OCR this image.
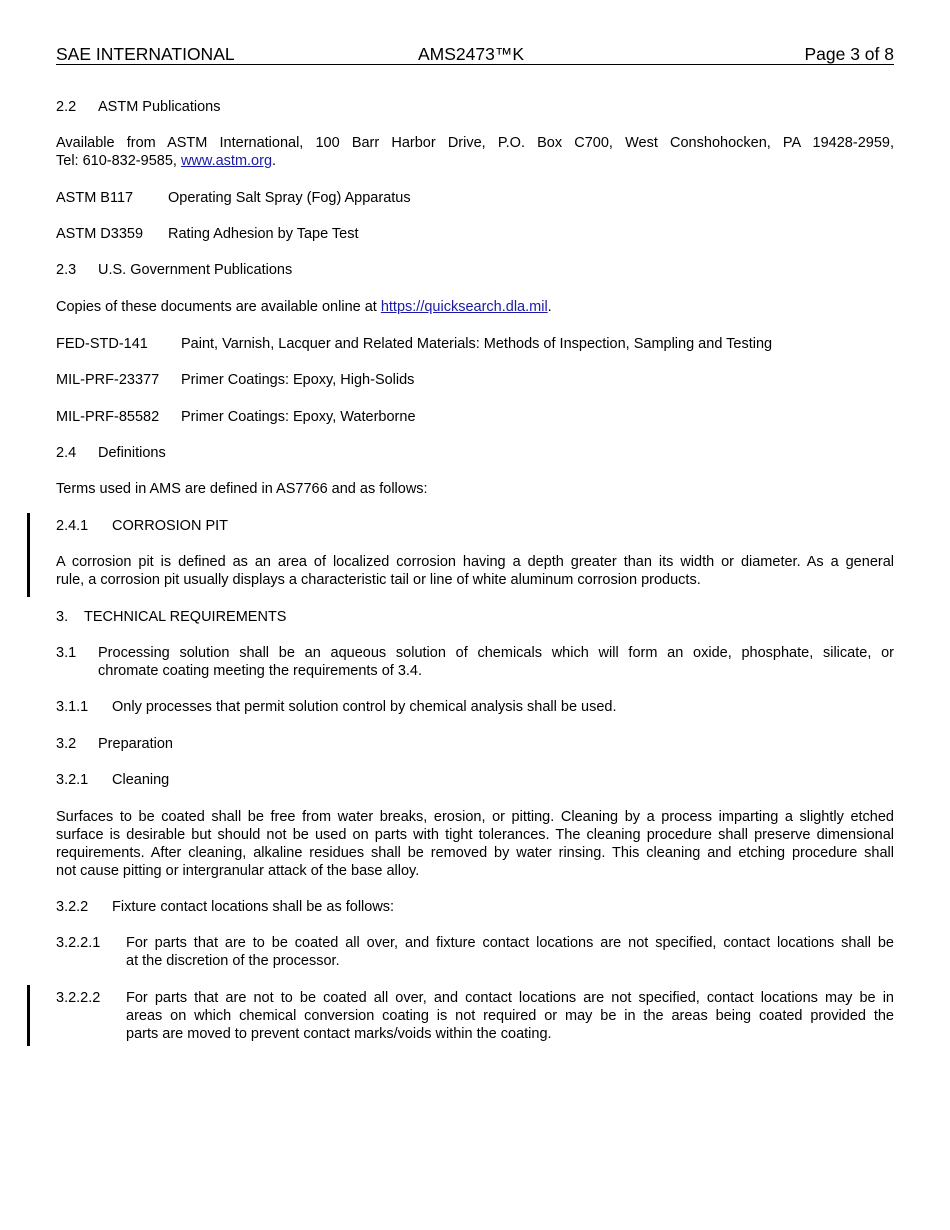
SAE INTERNATIONAL	AMS2473™K	Page 3 of 8
2.2 ASTM Publications
Available from ASTM International, 100 Barr Harbor Drive, P.O. Box C700, West Conshohocken, PA 19428-2959,
Tel: 610-832-9585, www.astm.org.
ASTM B117 Operating Salt Spray (Fog) Apparatus
ASTM D3359 Rating Adhesion by Tape Test
2.3 U.S. Government Publications
Copies of these documents are available online at https://quicksearch.dla.mil.
FED-STD-141 Paint, Varnish, Lacquer and Related Materials: Methods of Inspection, Sampling and Testing
MIL-PRF-23377 Primer Coatings: Epoxy, High-Solids
MIL-PRF-85582 Primer Coatings: Epoxy, Waterborne
2.4 Definitions
Terms used in AMS are defined in AS7766 and as follows:
2.4.1 CORROSION PIT
A corrosion pit is defined as an area of localized corrosion having a depth greater than its width or diameter. As a general
rule, a corrosion pit usually displays a characteristic tail or line of white aluminum corrosion products.
3. TECHNICAL REQUIREMENTS
3.1	Processing solution shall be an aqueous solution of chemicals which will form an oxide, phosphate, silicate, or
chromate coating meeting the requirements of 3.4.
3.1.1 Only processes that permit solution control by chemical analysis shall be used.
3.2 Preparation
3.2.1 Cleaning
Surfaces to be coated shall be free from water breaks, erosion, or pitting. Cleaning by a process imparting a slightly etched
surface is desirable but should not be used on parts with tight tolerances. The cleaning procedure shall preserve dimensional
requirements. After cleaning, alkaline residues shall be removed by water rinsing. This cleaning and etching procedure shall
not cause pitting or intergranular attack of the base alloy.
3.2.2 Fixture contact locations shall be as follows:
3.2.2.1	For parts that are to be coated all over, and fixture contact locations are not specified, contact locations shall be
at the discretion of the processor.
3.2.2.2	For parts that are not to be coated all over, and contact locations are not specified, contact locations may be in
areas on which chemical conversion coating is not required or may be in the areas being coated provided the
parts are moved to prevent contact marks/voids within the coating.
